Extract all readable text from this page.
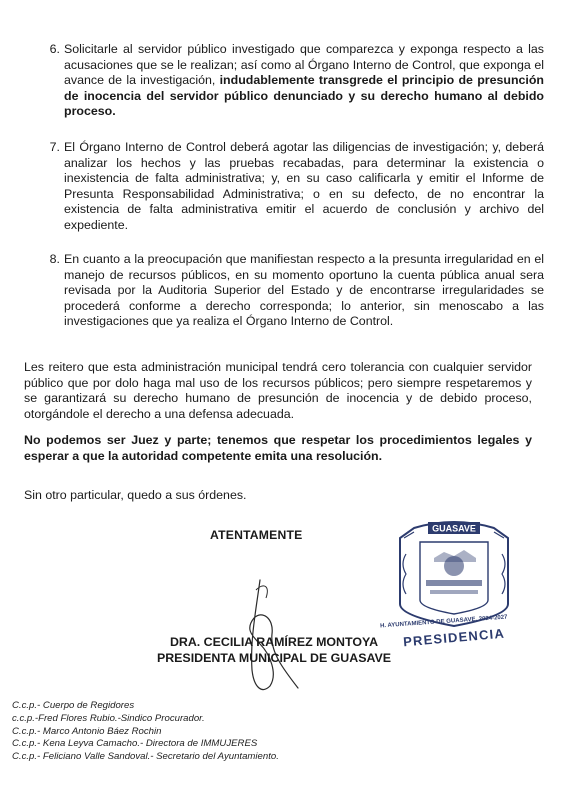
6. Solicitarle al servidor público investigado que comparezca y exponga respecto a las acusaciones que se le realizan; así como al Órgano Interno de Control, que exponga el avance de la investigación, indudablemente transgrede el principio de presunción de inocencia del servidor público denunciado y su derecho humano al debido proceso.
7. El Órgano Interno de Control deberá agotar las diligencias de investigación; y, deberá analizar los hechos y las pruebas recabadas, para determinar la existencia o inexistencia de falta administrativa; y, en su caso calificarla y emitir el Informe de Presunta Responsabilidad Administrativa; o en su defecto, de no encontrar la existencia de falta administrativa emitir el acuerdo de conclusión y archivo del expediente.
8. En cuanto a la preocupación que manifiestan respecto a la presunta irregularidad en el manejo de recursos públicos, en su momento oportuno la cuenta pública anual sera revisada por la Auditoria Superior del Estado y de encontrarse irregularidades se procederá conforme a derecho corresponda; lo anterior, sin menoscabo a las investigaciones que ya realiza el Órgano Interno de Control.
Les reitero que esta administración municipal tendrá cero tolerancia con cualquier servidor público que por dolo haga mal uso de los recursos públicos; pero siempre respetaremos y se garantizará su derecho humano de presunción de inocencia y de debido proceso, otorgándole el derecho a una defensa adecuada.
No podemos ser Juez y parte; tenemos que respetar los procedimientos legales y esperar a que la autoridad competente emita una resolución.
Sin otro particular, quedo a sus órdenes.
ATENTAMENTE	GUASAVE
H. AYUNTAMIENTO DE GUASAVE, 2024-2027
PRESIDENCIA
DRA. CECILIA RAMÍREZ MONTOYA
PRESIDENTA MUNICIPAL DE GUASAVE
C.c.p.- Cuerpo de Regidores
c.c.p.-Fred Flores Rubio.-Sindico Procurador.
C.c.p.- Marco Antonio Báez Rochin
C.c.p.- Kena Leyva Camacho.- Directora de IMMUJERES
C.c.p.- Feliciano Valle Sandoval.- Secretario del Ayuntamiento.
